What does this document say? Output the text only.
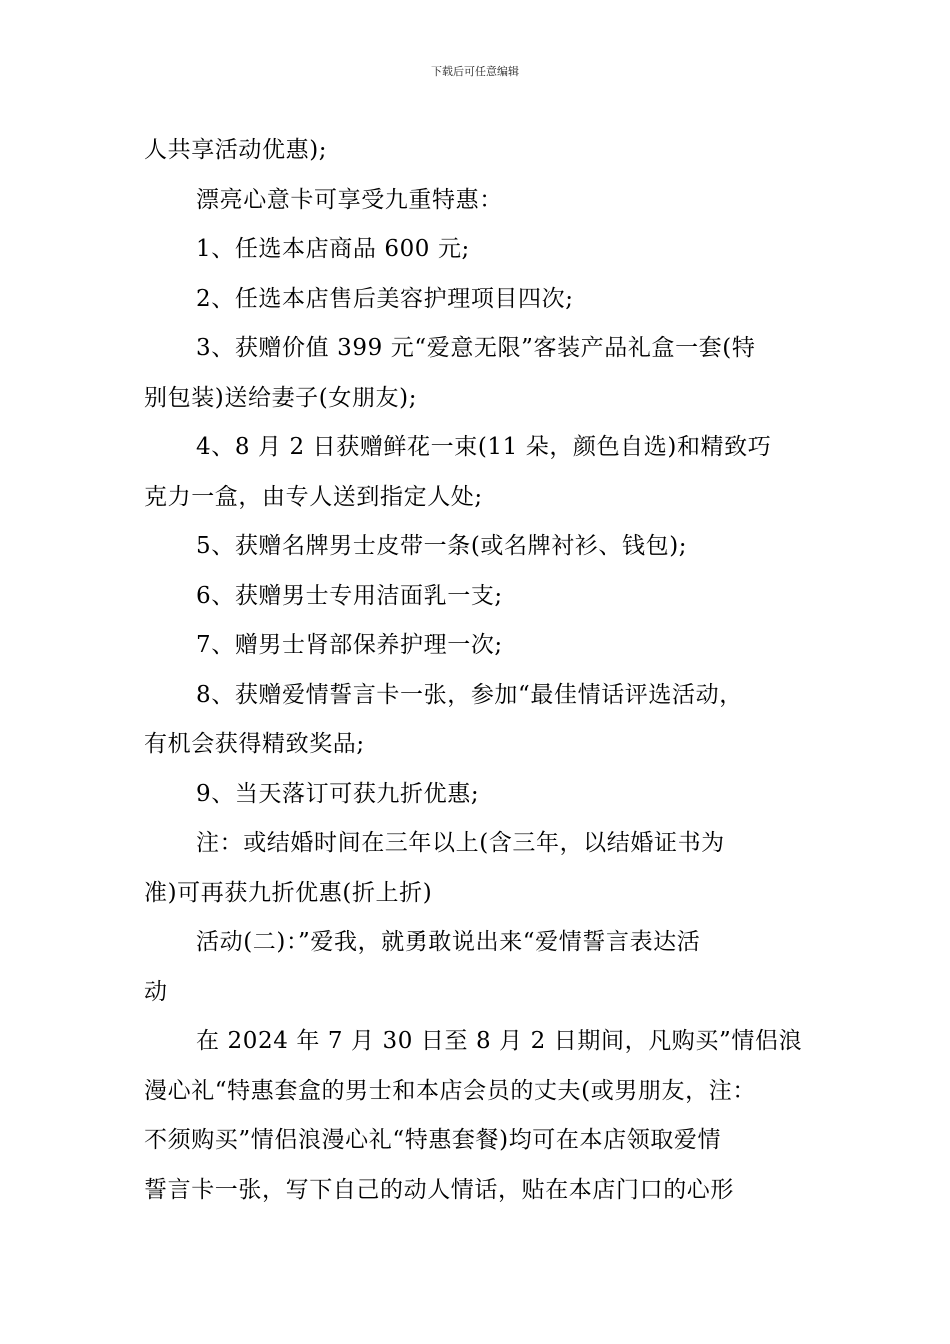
下载后可任意编辑

人共享活动优惠);

漂亮心意卡可享受九重特惠：

1、任选本店商品 600 元;

2、任选本店售后美容护理项目四次;

3、获赠价值 399 元“爱意无限”客装产品礼盒一套(特

别包装)送给妻子(女朋友);

4、8 月 2 日获赠鲜花一束(11 朵，颜色自选)和精致巧

克力一盒，由专人送到指定人处;

5、获赠名牌男士皮带一条(或名牌衬衫、钱包);

6、获赠男士专用洁面乳一支;

7、赠男士肾部保养护理一次;

8、获赠爱情誓言卡一张，参加“最佳情话评选活动，

有机会获得精致奖品;

9、当天落订可获九折优惠;

注：或结婚时间在三年以上(含三年，以结婚证书为

准)可再获九折优惠(折上折)

活动(二)：”爱我，就勇敢说出来“爱情誓言表达活

动

在 2024 年 7 月 30 日至 8 月 2 日期间，凡购买”情侣浪

漫心礼“特惠套盒的男士和本店会员的丈夫(或男朋友，注：

不须购买”情侣浪漫心礼“特惠套餐)均可在本店领取爱情

誓言卡一张，写下自己的动人情话，贴在本店门口的心形
